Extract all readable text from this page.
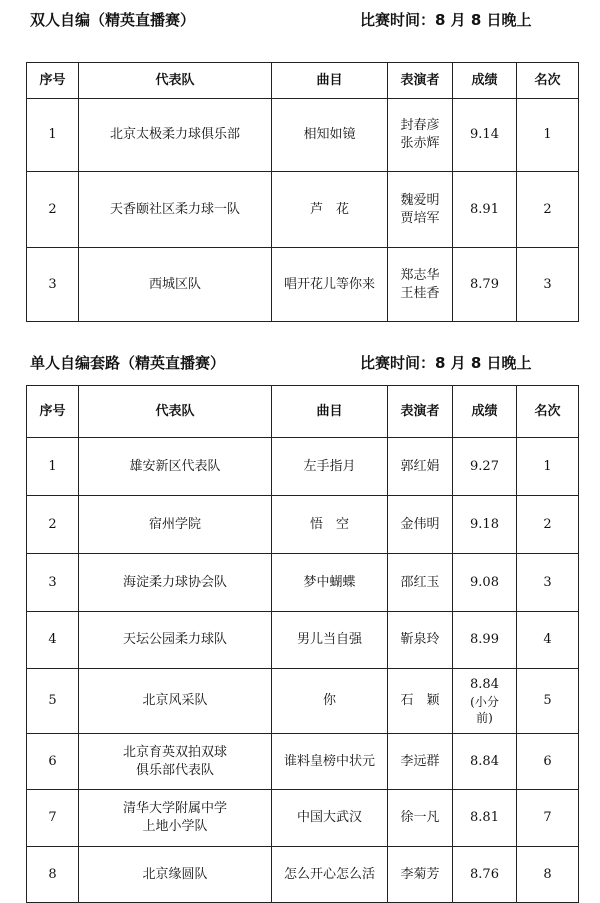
双人自编（精英直播赛）	比赛时间：8 月 8 日晚上
序号	代表队	曲目	表演者	成绩	名次
1	北京太极柔力球俱乐部	相知如镜	封春彦
张赤辉	9.14	1
2	天香颐社区柔力球一队	芦　花	魏爱明
贾培军	8.91	2
3	西城区队	唱开花儿等你来	郑志华
王桂香	8.79	3
单人自编套路（精英直播赛）	比赛时间：8 月 8 日晚上
序号	代表队	曲目	表演者	成绩	名次
1	雄安新区代表队	左手指月	郭红娟	9.27	1
2	宿州学院	悟　空	金伟明	9.18	2
3	海淀柔力球协会队	梦中蝴蝶	邵红玉	9.08	3
4	天坛公园柔力球队	男儿当自强	靳泉玲	8.99	4
5	北京风采队	你	石　颖	8.84
(小分
前)	5
6	北京育英双拍双球
俱乐部代表队	谁料皇榜中状元	李远群	8.84	6
7	清华大学附属中学
上地小学队	中国大武汉	徐一凡	8.81	7
8	北京缘圆队	怎么开心怎么活	李菊芳	8.76	8
